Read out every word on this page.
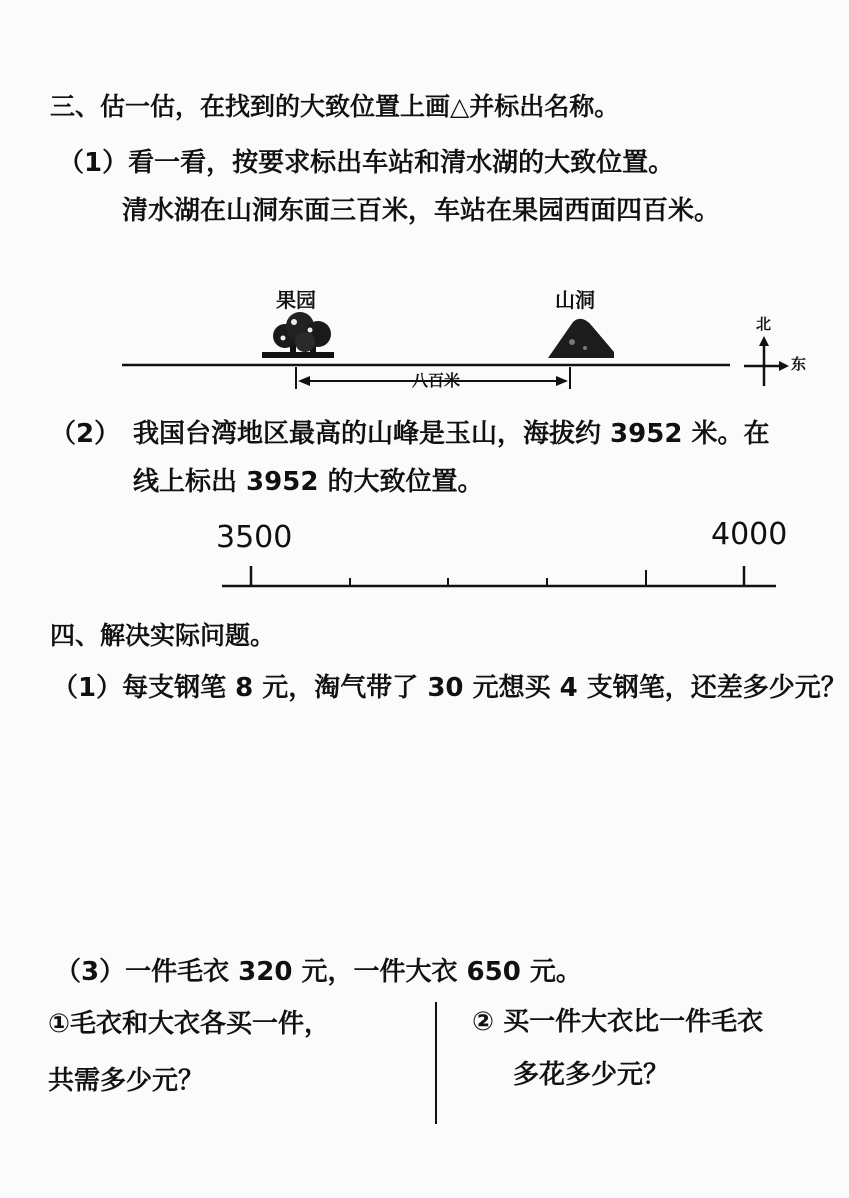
三、估一估，在找到的大致位置上画△并标出名称。
（1）看一看，按要求标出车站和清水湖的大致位置。
清水湖在山洞东面三百米，车站在果园西面四百米。
果园	山洞
八百米
北
东
（2） 我国台湾地区最高的山峰是玉山，海拔约 3952 米。在
线上标出 3952 的大致位置。
3500	4000
四、解决实际问题。
（1）每支钢笔 8 元，淘气带了 30 元想买 4 支钢笔，还差多少元？
（3）一件毛衣 320 元，一件大衣 650 元。
①毛衣和大衣各买一件，
共需多少元？
② 买一件大衣比一件毛衣
多花多少元？
